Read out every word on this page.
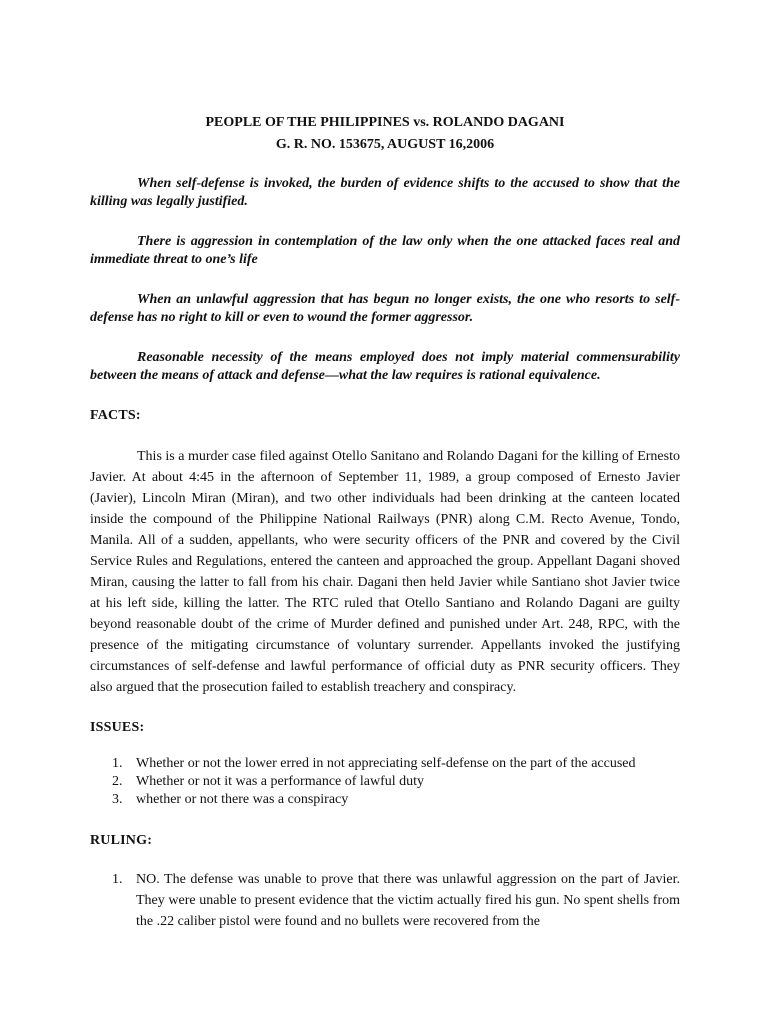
PEOPLE OF THE PHILIPPINES vs. ROLANDO DAGANI

G. R. NO. 153675, AUGUST 16,2006

When self-defense is invoked, the burden of evidence shifts to the accused to show that the killing was legally justified.

There is aggression in contemplation of the law only when the one attacked faces real and immediate threat to one’s life

When an unlawful aggression that has begun no longer exists, the one who resorts to self-defense has no right to kill or even to wound the former aggressor.

Reasonable necessity of the means employed does not imply material commensurability between the means of attack and defense—what the law requires is rational equivalence.

FACTS:

This is a murder case filed against Otello Sanitano and Rolando Dagani for the killing of Ernesto Javier. At about 4:45 in the afternoon of September 11, 1989, a group composed of Ernesto Javier (Javier), Lincoln Miran (Miran), and two other individuals had been drinking at the canteen located inside the compound of the Philippine National Railways (PNR) along C.M. Recto Avenue, Tondo, Manila. All of a sudden, appellants, who were security officers of the PNR and covered by the Civil Service Rules and Regulations, entered the canteen and approached the group. Appellant Dagani shoved Miran, causing the latter to fall from his chair. Dagani then held Javier while Santiano shot Javier twice at his left side, killing the latter. The RTC ruled that Otello Santiano and Rolando Dagani are guilty beyond reasonable doubt of the crime of Murder defined and punished under Art. 248, RPC, with the presence of the mitigating circumstance of voluntary surrender. Appellants invoked the justifying circumstances of self-defense and lawful performance of official duty as PNR security officers. They also argued that the prosecution failed to establish treachery and conspiracy.

ISSUES:

1. Whether or not the lower erred in not appreciating self-defense on the part of the accused
2. Whether or not it was a performance of lawful duty
3. whether or not there was a conspiracy

RULING:

1. NO. The defense was unable to prove that there was unlawful aggression on the part of Javier. They were unable to present evidence that the victim actually fired his gun. No spent shells from the .22 caliber pistol were found and no bullets were recovered from the
